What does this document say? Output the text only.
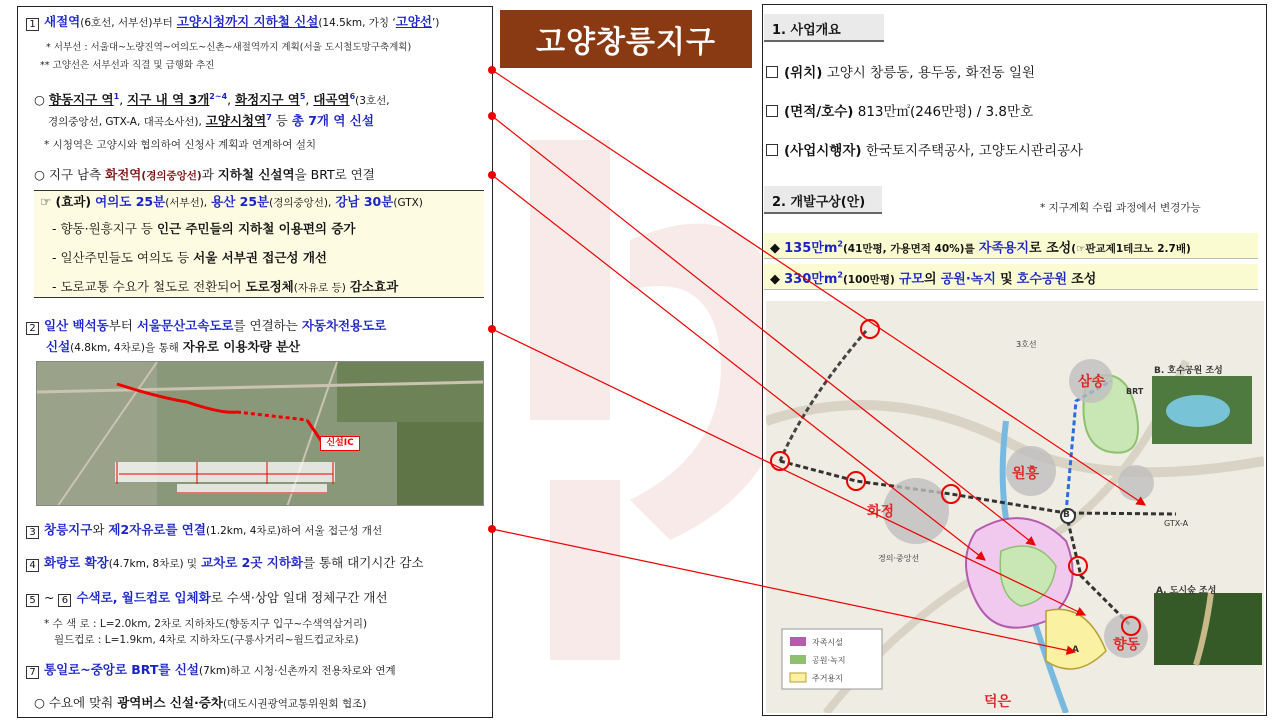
1 새절역(6호선, 서부선)부터 고양시청까지 지하철 신설(14.5km, 가칭 ‘고양선’)
* 서부선 : 서울대~노량진역~여의도~신촌~새절역까지 계획(서울 도시철도망구축계획)
** 고양선은 서부선과 직결 및 급행화 추진
○ 향동지구 역$^1$, 지구 내 역 3개$^{2\sim 4}$, 화정지구 역$^5$, 대곡역$^6$(3호선,
경의중앙선, GTX-A, 대곡소사선), 고양시청역$^7$ 등 총 7개 역 신설
* 시청역은 고양시와 협의하여 신청사 계획과 연계하여 설치
○ 지구 남측 화전역(경의중앙선)과 지하철 신설역을 BRT로 연결
☞ (효과) 여의도 25분(서부선), 용산 25분(경의중앙선), 강남 30분(GTX)
- 향동·원흥지구 등 인근 주민들의 지하철 이용편의 증가
- 일산주민들도 여의도 등 서울 서부권 접근성 개선
- 도로교통 수요가 철도로 전환되어 도로정체(자유로 등) 감소효과
2 일산 백석동부터 서울문산고속도로를 연결하는 자동차전용도로
신설(4.8km, 4차로)을 통해 자유로 이용차량 분산
신설IC
3 창릉지구와 제2자유로를 연결(1.2km, 4차로)하여 서울 접근성 개선
4 화랑로 확장(4.7km, 8차로) 및 교차로 2곳 지하화를 통해 대기시간 감소
5 ~ 6 수색로, 월드컵로 입체화로 수색·상암 일대 정체구간 개선
* 수 색 로 : L=2.0km, 2차로 지하차도(향동지구 입구~수색역삼거리)
월드컵로 : L=1.9km, 4차로 지하차도(구룡사거리~월드컵교차로)
7 통일로~중앙로 BRT를 신설(7km)하고 시청·신촌까지 전용차로와 연계
○ 수요에 맞춰 광역버스 신설·증차(대도시권광역교통위원회 협조)
고양창릉지구	1. 사업개요
(위치) 고양시 창릉동, 용두동, 화전동 일원
(면적/호수) 813만㎡(246만평) / 3.8만호
(사업시행자) 한국토지주택공사, 고양도시관리공사
2. 개발구상(안)	* 지구계획 수립 과정에서 변경가능
◆ 135만$m^2(41$만평, 가용면적 40%)를 자족용지로 조성(☞판교제1테크노 2.7배)
◆ 330만$m^2(100$만평) 규모의 공원·녹지 및 호수공원 조성
삼송
원흥
화정
향동
덕은
B. 호수공원 조성
A. 도시숲 조성
자족시설
공원·녹지
주거용지
3호선
GTX-A
BRT
경의·중앙선
B
A
